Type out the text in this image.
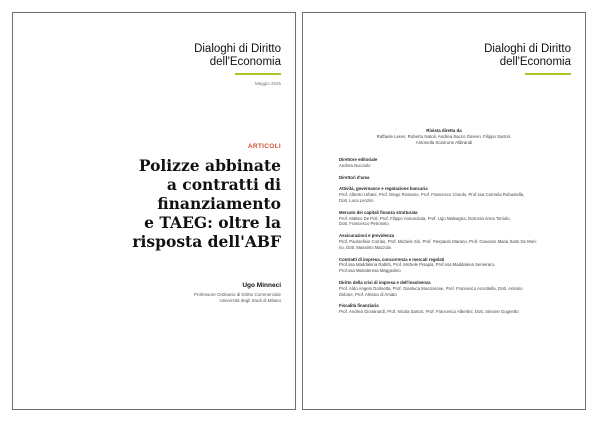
Dialoghi di Diritto
dell'Economia
Maggio 2025
ARTICOLI
Polizze abbinate
a contratti di
finanziamento
e TAEG: oltre la
risposta dell'ABF
Ugo Minneci
Professore Ordinario di Diritto Commerciale
Università degli Studi di Milano
Dialoghi di Diritto
dell'Economia
Rivista diretta da
Raffaele Lener, Roberto Natoli, Andrea Sacco Ginevri, Filippo Sartori,
Antonella Sciarrone Alibrandi
Direttore editoriale
Andrea Nucciolo
Direttori d'area
Attività, governance e regolazione bancaria
Prof. Alberto Urbani, Prof. Diego Rossano, Prof. Francesco Ciraolo, Prof.ssa Carmela Robustella,
Dott. Luca Lenzini
Mercato dei capitali finanza strutturata
Prof. Matteo De Poli, Prof. Filippo Annunziata, Prof. Ugo Malvagna, Dott.ssa Anna Toniolo,
Dott. Francesco Petrosino
Assicurazioni e previdenza
Prof. Paoloefisio Corrias, Prof. Michele Siri, Prof. Pierpaolo Marano, Prof. Giovanni Maria Santi De Mori-
no, Dott. Massimo Mazzola
Contratti di impresa, concorrenza e mercati regolati
Prof.ssa Maddalena Rabitti, Prof. Michele Pisapia, Prof.ssa Maddalena Semeraro,
Prof.ssa Mariateresa Maggiolino
Diritto della crisi di impresa e dell'insolvenza
Prof. Aldo Angelo Dolmetta, Prof. Gianluca Mucciarone, Prof. Francesco Accettella, Dott. Antonio
Didone, Prof. Alessio di Amato
Fiscalità finanziaria
Prof. Andrea Giovanardi, Prof. Nicola Sartori, Prof. Francesco Albertini, Dott. Simone Gugnetto
